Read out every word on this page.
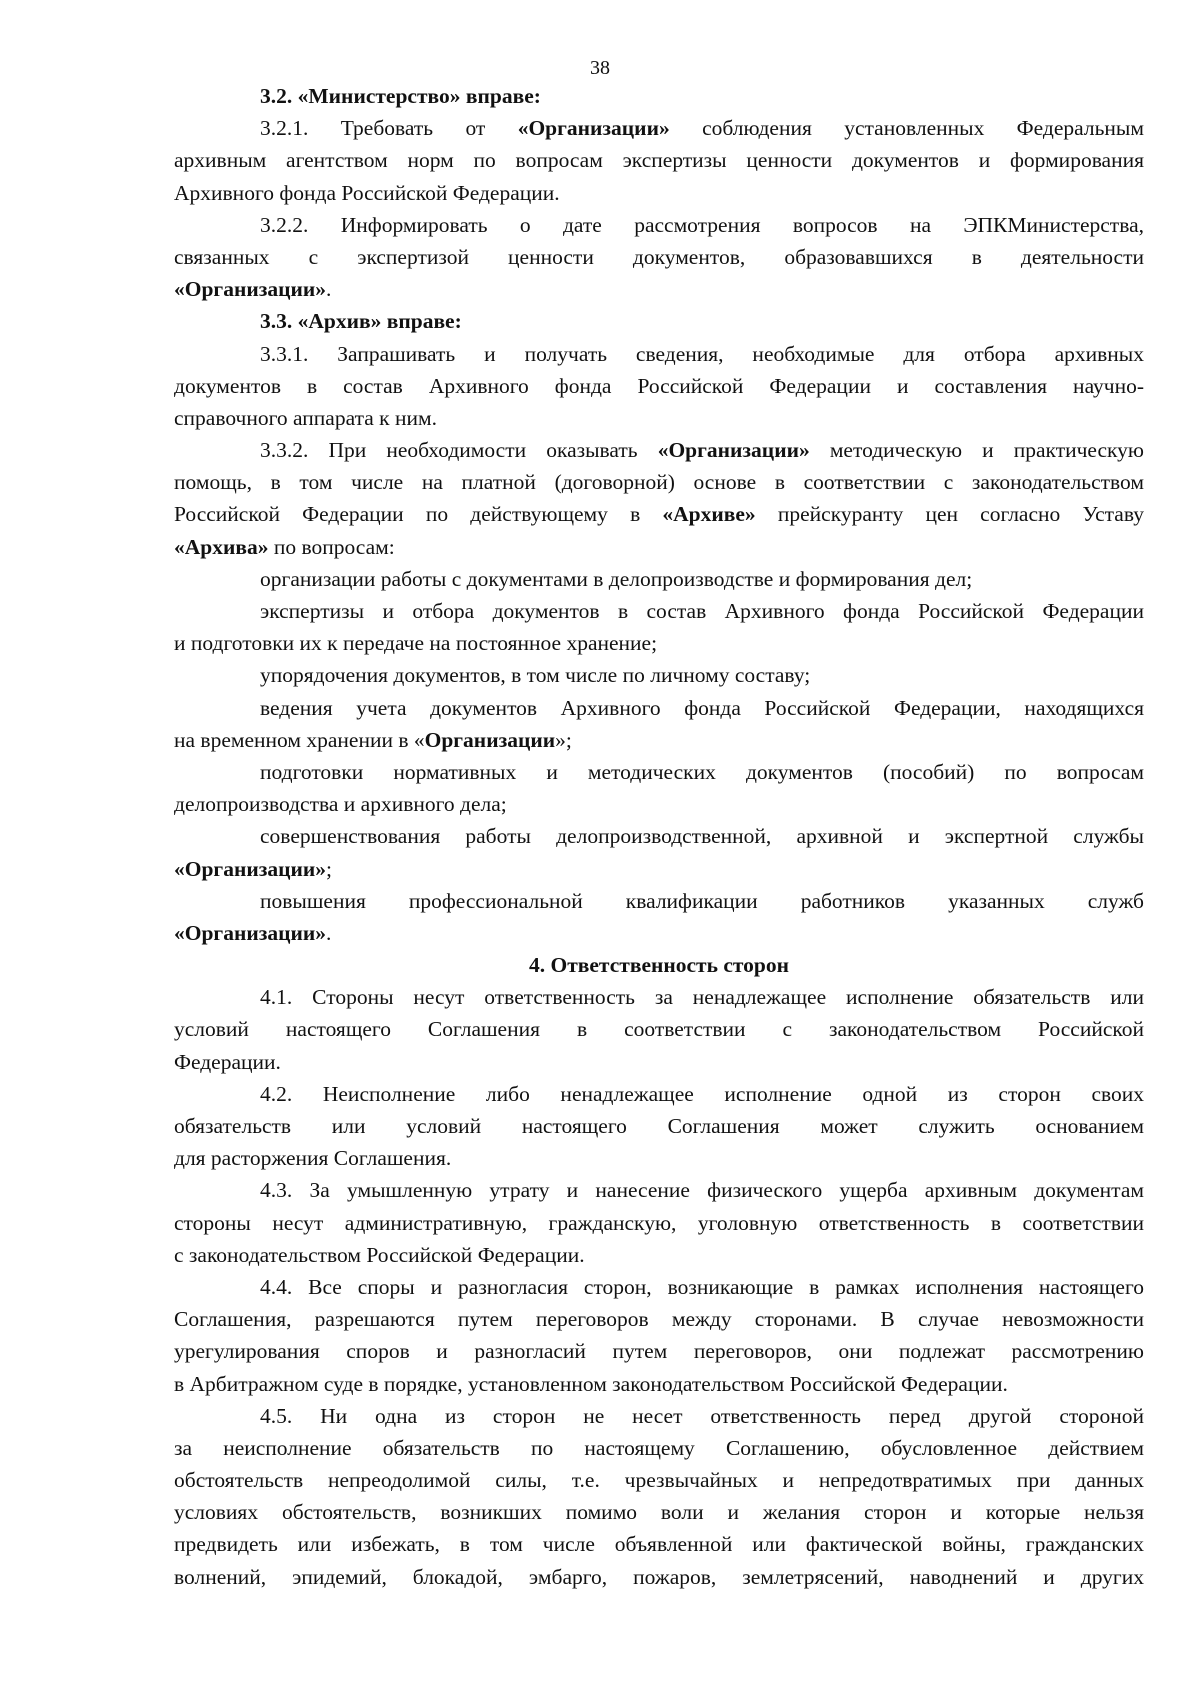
38
3.2. «Министерство» вправе:
3.2.1. Требовать от «Организации» соблюдения установленных Федеральным
архивным агентством норм по вопросам экспертизы ценности документов и формирования
Архивного фонда Российской Федерации.
3.2.2. Информировать о дате рассмотрения вопросов на ЭПКМинистерства,
связанных с экспертизой ценности документов, образовавшихся в деятельности
«Организации».
3.3. «Архив» вправе:
3.3.1. Запрашивать и получать сведения, необходимые для отбора архивных
документов в состав Архивного фонда Российской Федерации и составления научно-
справочного аппарата к ним.
3.3.2. При необходимости оказывать «Организации» методическую и практическую
помощь, в том числе на платной (договорной) основе в соответствии с законодательством
Российской Федерации по действующему в «Архиве» прейскуранту цен согласно Уставу
«Архива» по вопросам:
организации работы с документами в делопроизводстве и формирования дел;
экспертизы и отбора документов в состав Архивного фонда Российской Федерации
и подготовки их к передаче на постоянное хранение;
упорядочения документов, в том числе по личному составу;
ведения учета документов Архивного фонда Российской Федерации, находящихся
на временном хранении в «Организации»;
подготовки нормативных и методических документов (пособий) по вопросам
делопроизводства и архивного дела;
совершенствования работы делопроизводственной, архивной и экспертной службы
«Организации»;
повышения профессиональной квалификации работников указанных служб
«Организации».
4. Ответственность сторон
4.1. Стороны несут ответственность за ненадлежащее исполнение обязательств или
условий настоящего Соглашения в соответствии с законодательством Российской
Федерации.
4.2. Неисполнение либо ненадлежащее исполнение одной из сторон своих
обязательств или условий настоящего Соглашения может служить основанием
для расторжения Соглашения.
4.3. За умышленную утрату и нанесение физического ущерба архивным документам
стороны несут административную, гражданскую, уголовную ответственность в соответствии
с законодательством Российской Федерации.
4.4. Все споры и разногласия сторон, возникающие в рамках исполнения настоящего
Соглашения, разрешаются путем переговоров между сторонами. В случае невозможности
урегулирования споров и разногласий путем переговоров, они подлежат рассмотрению
в Арбитражном суде в порядке, установленном законодательством Российской Федерации.
4.5. Ни одна из сторон не несет ответственность перед другой стороной
за неисполнение обязательств по настоящему Соглашению, обусловленное действием
обстоятельств непреодолимой силы, т.е. чрезвычайных и непредотвратимых при данных
условиях обстоятельств, возникших помимо воли и желания сторон и которые нельзя
предвидеть или избежать, в том числе объявленной или фактической войны, гражданских
волнений, эпидемий, блокадой, эмбарго, пожаров, землетрясений, наводнений и других
